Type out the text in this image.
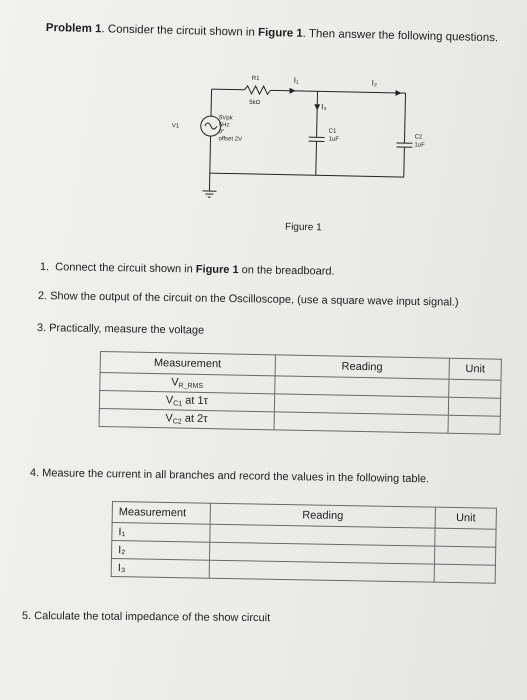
Problem 1. Consider the circuit shown in Figure 1. Then answer the following questions.
R1
5kΩ
I₁	I₂
I₃
V1
5Vpk
5Hz
0°
offset 2V
C1
1uF	C2
1uF
Figure 1
1. Connect the circuit shown in Figure 1 on the breadboard.
2. Show the output of the circuit on the Oscilloscope, (use a square wave input signal.)
3. Practically, measure the voltage
Measurement	Reading	Unit
$V_{R\_RMS}$		
$V_{C1}$ at 1τ		
$V_{C2}$ at 2τ		
4. Measure the current in all branches and record the values in the following table.
Measurement	Reading	Unit
I₁		
I₂		
I₃		
5. Calculate the total impedance of the show circuit
